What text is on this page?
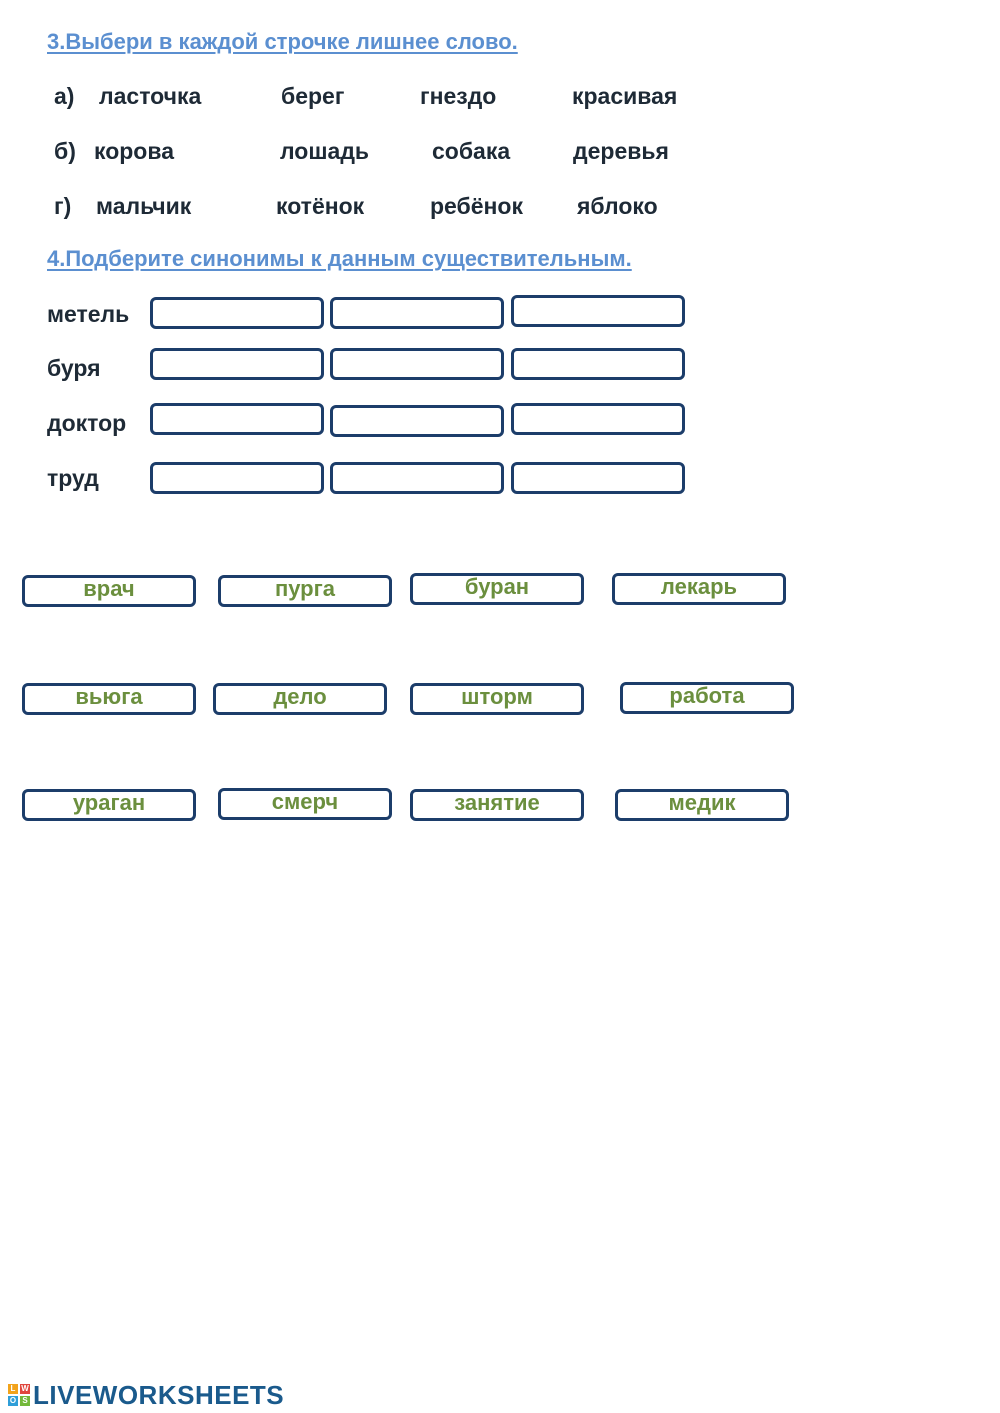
3.Выбери в каждой строчке лишнее слово.
а) ласточка	берег	гнездо	красивая
б) корова	лошадь	собака	деревья
г) мальчик	котёнок	ребёнок яблоко
4.Подберите синонимы к данным существительным.
метель
буря
доктор
труд
врач	пурга	буран	лекарь
вьюга	дело	шторм	работа
ураган	смерч	занятие	медик
L W
O S LIVEWORKSHEETS
